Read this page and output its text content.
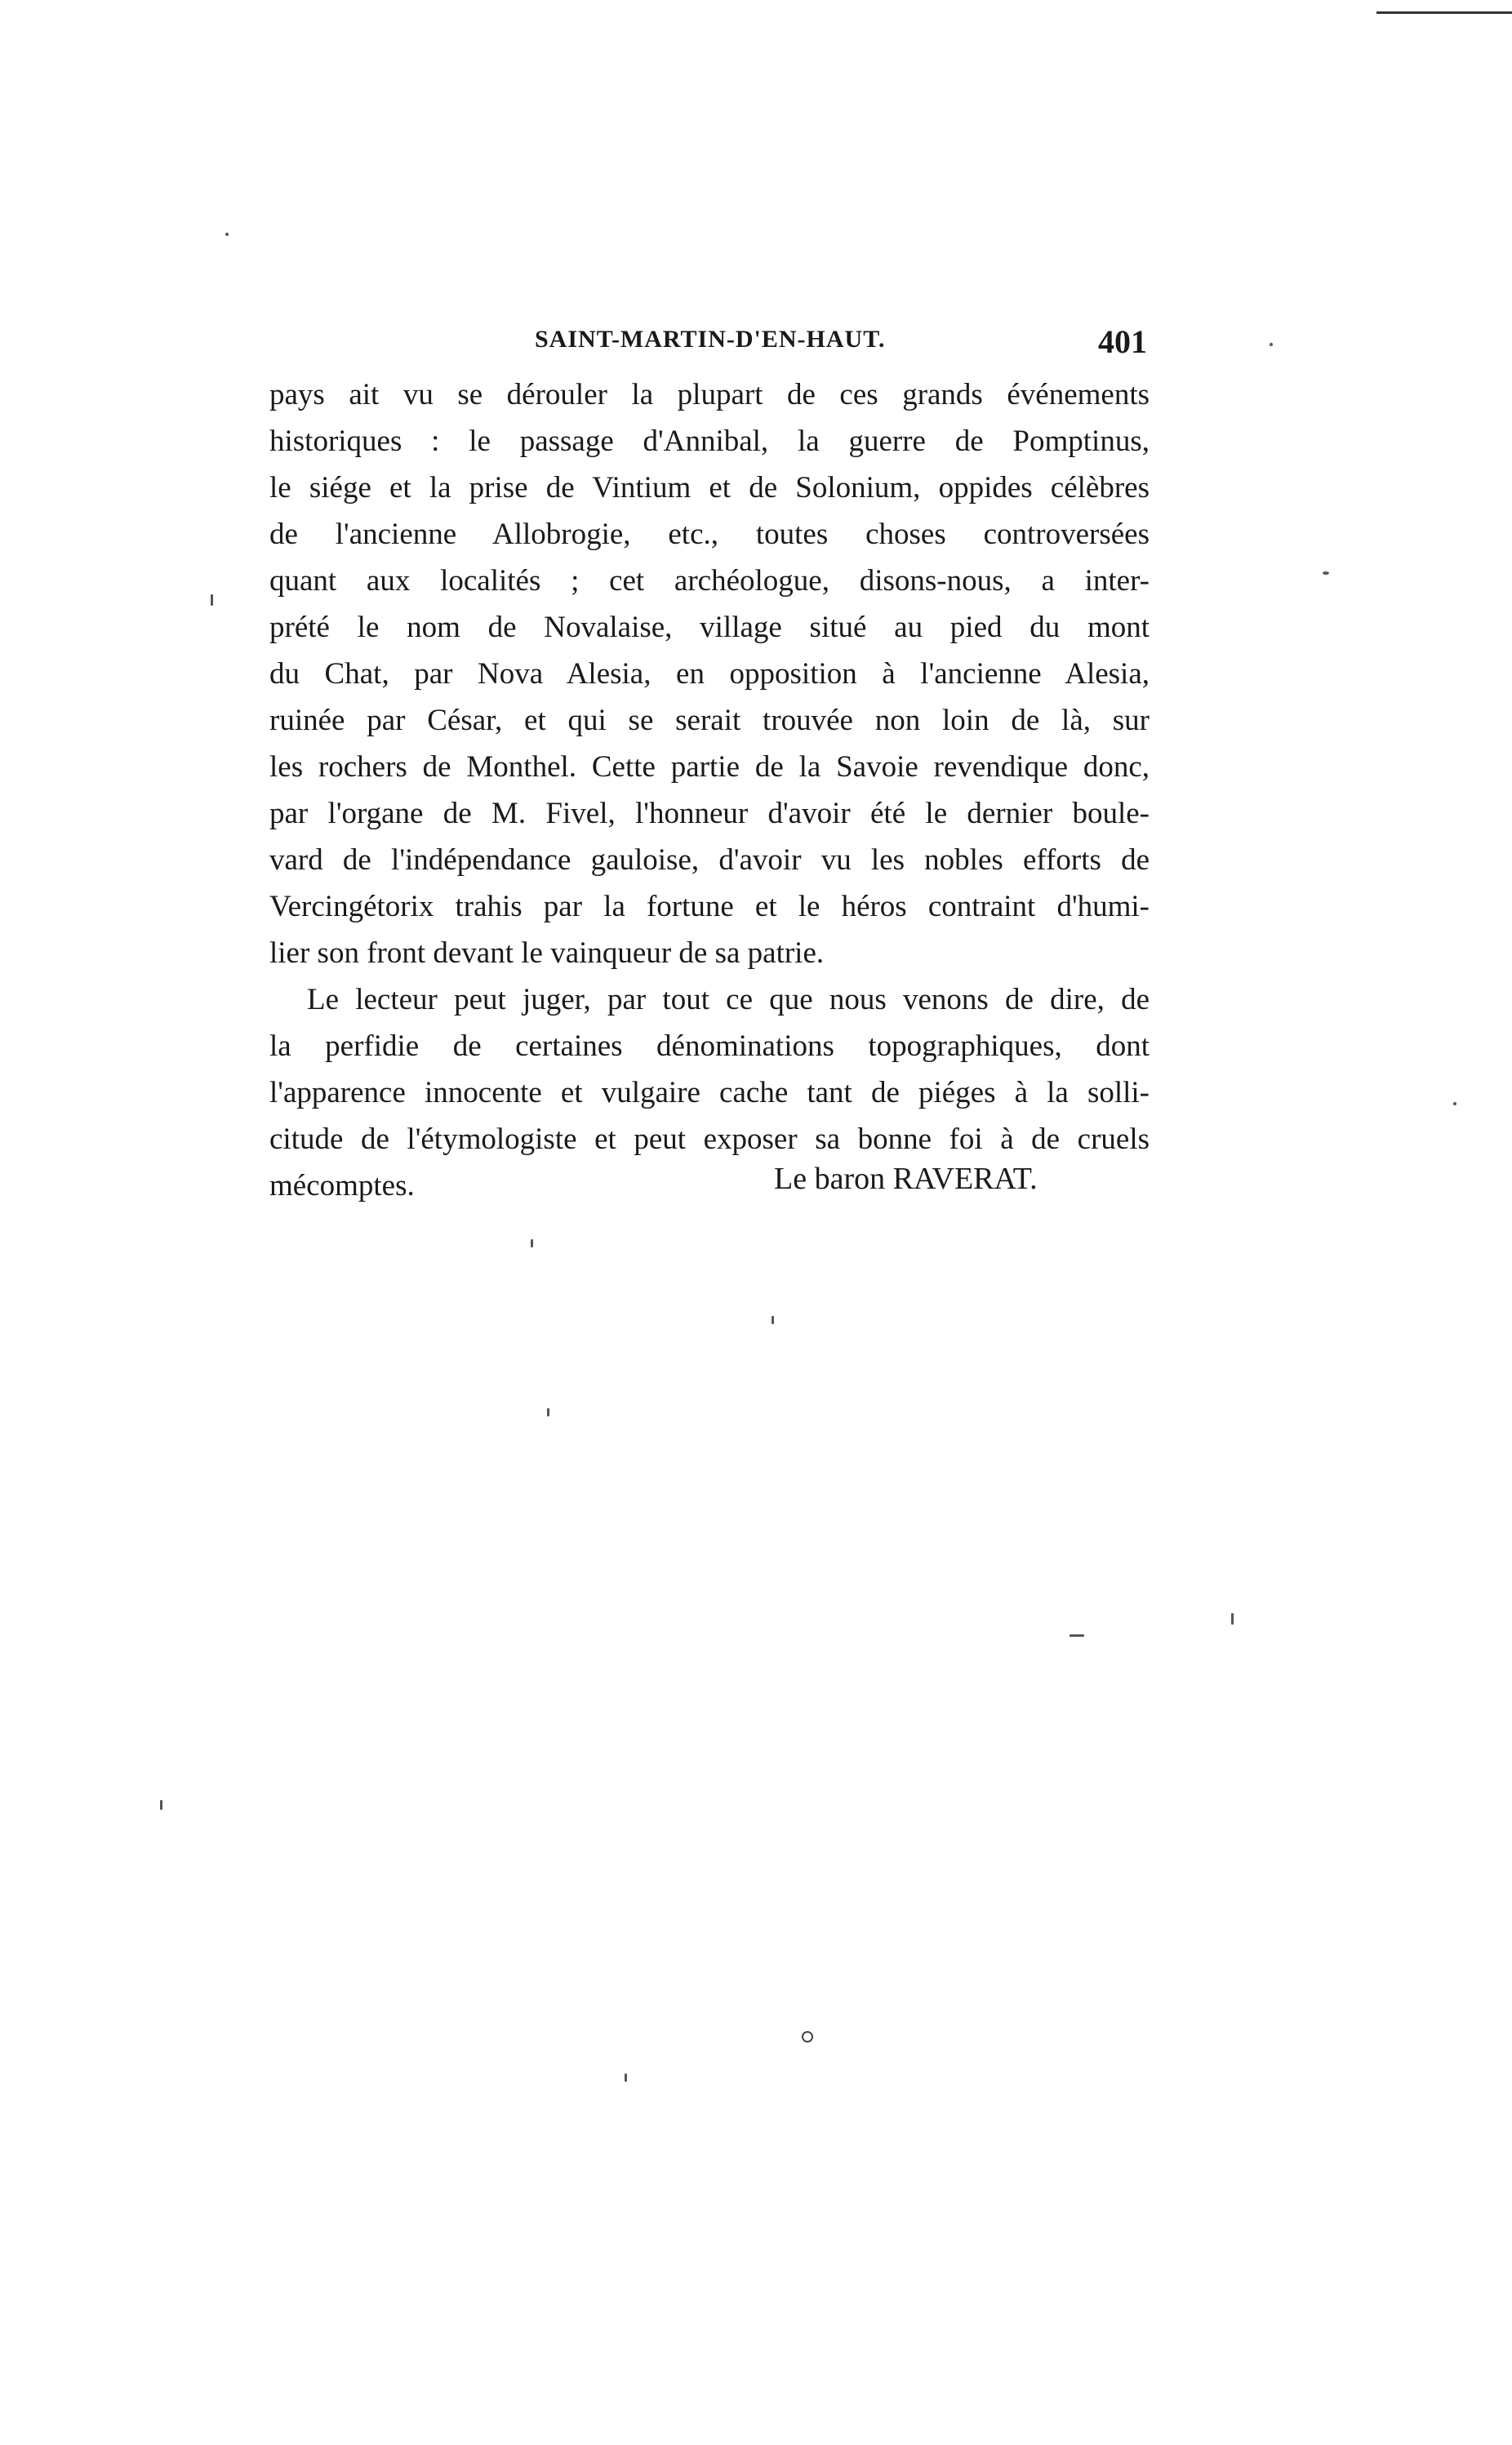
SAINT-MARTIN-D'EN-HAUT.	401
pays ait vu se dérouler la plupart de ces grands événements
historiques : le passage d'Annibal, la guerre de Pomptinus,
le siége et la prise de Vintium et de Solonium, oppides célèbres
de l'ancienne Allobrogie, etc., toutes choses controversées
quant aux localités ; cet archéologue, disons-nous, a inter-
prété le nom de Novalaise, village situé au pied du mont
du Chat, par Nova Alesia, en opposition à l'ancienne Alesia,
ruinée par César, et qui se serait trouvée non loin de là, sur
les rochers de Monthel. Cette partie de la Savoie revendique donc,
par l'organe de M. Fivel, l'honneur d'avoir été le dernier boule-
vard de l'indépendance gauloise, d'avoir vu les nobles efforts de
Vercingétorix trahis par la fortune et le héros contraint d'humi-
lier son front devant le vainqueur de sa patrie.
Le lecteur peut juger, par tout ce que nous venons de dire, de
la perfidie de certaines dénominations topographiques, dont
l'apparence innocente et vulgaire cache tant de piéges à la solli-
citude de l'étymologiste et peut exposer sa bonne foi à de cruels
mécomptes.	Le baron RAVERAT.
